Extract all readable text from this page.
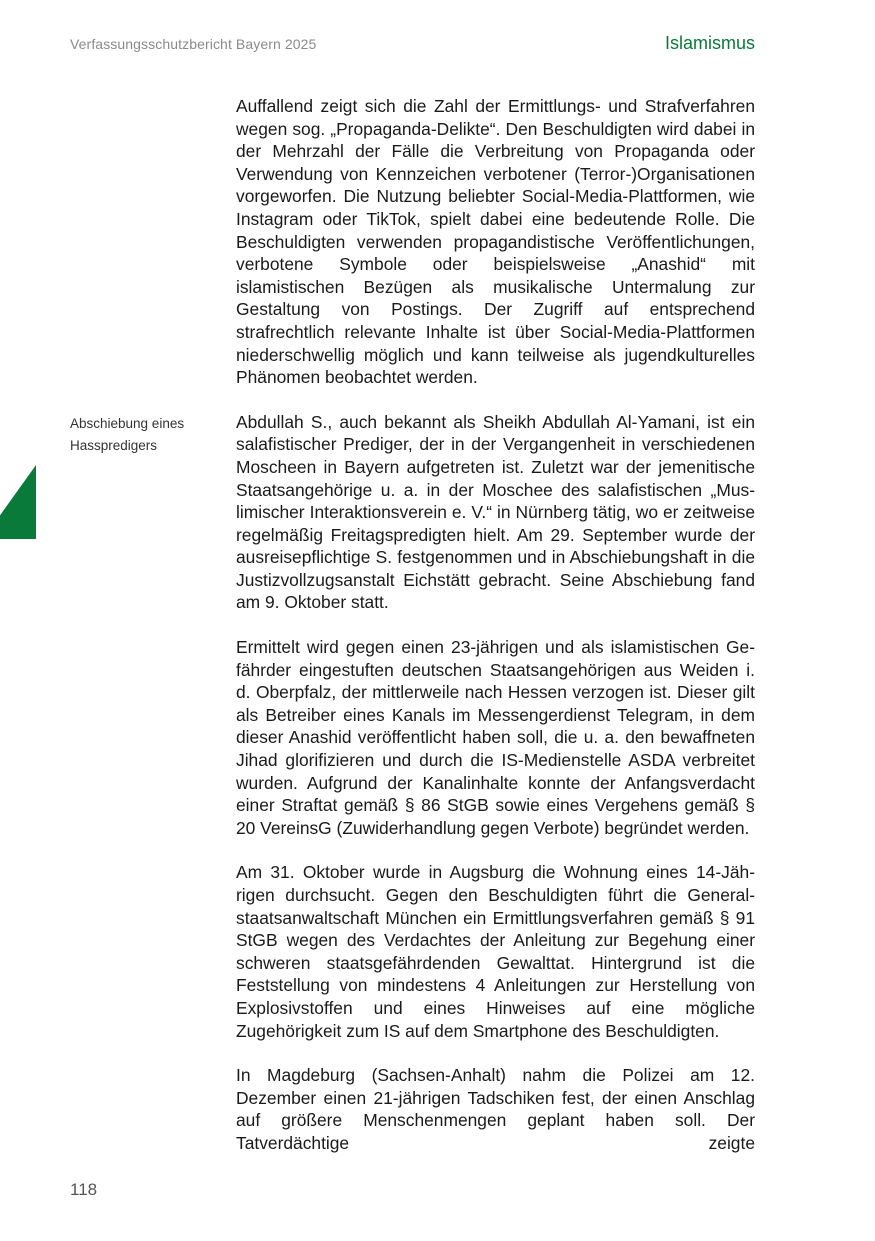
Verfassungsschutzbericht Bayern 2025	Islamismus
Abschiebung eines
Hasspredigers

Auffallend zeigt sich die Zahl der Ermittlungs- und Strafverfahren wegen sog. „Propaganda-Delikte“. Den Beschuldigten wird dabei in der Mehrzahl der Fälle die Verbreitung von Propaganda oder Verwendung von Kennzeichen verbotener (Terror-)Organisationen vorgeworfen. Die Nutzung beliebter Social-Media-Plattformen, wie Instagram oder TikTok, spielt dabei eine bedeutende Rolle. Die Beschuldigten verwenden propagandistische Veröffentlichungen, verbotene Symbole oder beispielsweise „Anashid“ mit islamistischen Bezügen als musikalische Untermalung zur Gestaltung von Postings. Der Zugriff auf entsprechend strafrechtlich relevante Inhalte ist über Social-Media-Plattformen niederschwellig möglich und kann teilweise als jugendkulturelles Phänomen beobachtet werden.

Abdullah S., auch bekannt als Sheikh Abdullah Al-Yamani, ist ein salafistischer Prediger, der in der Vergangenheit in verschiedenen Moscheen in Bayern aufgetreten ist. Zuletzt war der jemenitische Staatsangehörige u. a. in der Moschee des salafistischen „Muslimischer Interaktionsverein e. V.“ in Nürnberg tätig, wo er zeitweise regelmäßig Freitagspredigten hielt. Am 29. September wurde der ausreisepflichtige S. festgenommen und in Abschiebungshaft in die Justizvollzugsanstalt Eichstätt gebracht. Seine Abschiebung fand am 9. Oktober statt.

Ermittelt wird gegen einen 23-jährigen und als islamistischen Gefährder eingestuften deutschen Staatsangehörigen aus Weiden i. d. Oberpfalz, der mittlerweile nach Hessen verzogen ist. Dieser gilt als Betreiber eines Kanals im Messengerdienst Telegram, in dem dieser Anashid veröffentlicht haben soll, die u. a. den bewaffneten Jihad glorifizieren und durch die IS-Medienstelle ASDA verbreitet wurden. Aufgrund der Kanalinhalte konnte der Anfangsverdacht einer Straftat gemäß § 86 StGB sowie eines Vergehens gemäß § 20 VereinsG (Zuwiderhandlung gegen Verbote) begründet werden.

Am 31. Oktober wurde in Augsburg die Wohnung eines 14-Jährigen durchsucht. Gegen den Beschuldigten führt die Generalstaatsanwaltschaft München ein Ermittlungsverfahren gemäß § 91 StGB wegen des Verdachtes der Anleitung zur Begehung einer schweren staatsgefährdenden Gewalttat. Hintergrund ist die Feststellung von mindestens 4 Anleitungen zur Herstellung von Explosivstoffen und eines Hinweises auf eine mögliche Zugehörigkeit zum IS auf dem Smartphone des Beschuldigten.

In Magdeburg (Sachsen-Anhalt) nahm die Polizei am 12. Dezember einen 21-jährigen Tadschiken fest, der einen Anschlag auf größere Menschenmengen geplant haben soll. Der Tatverdächtige zeigte

118
